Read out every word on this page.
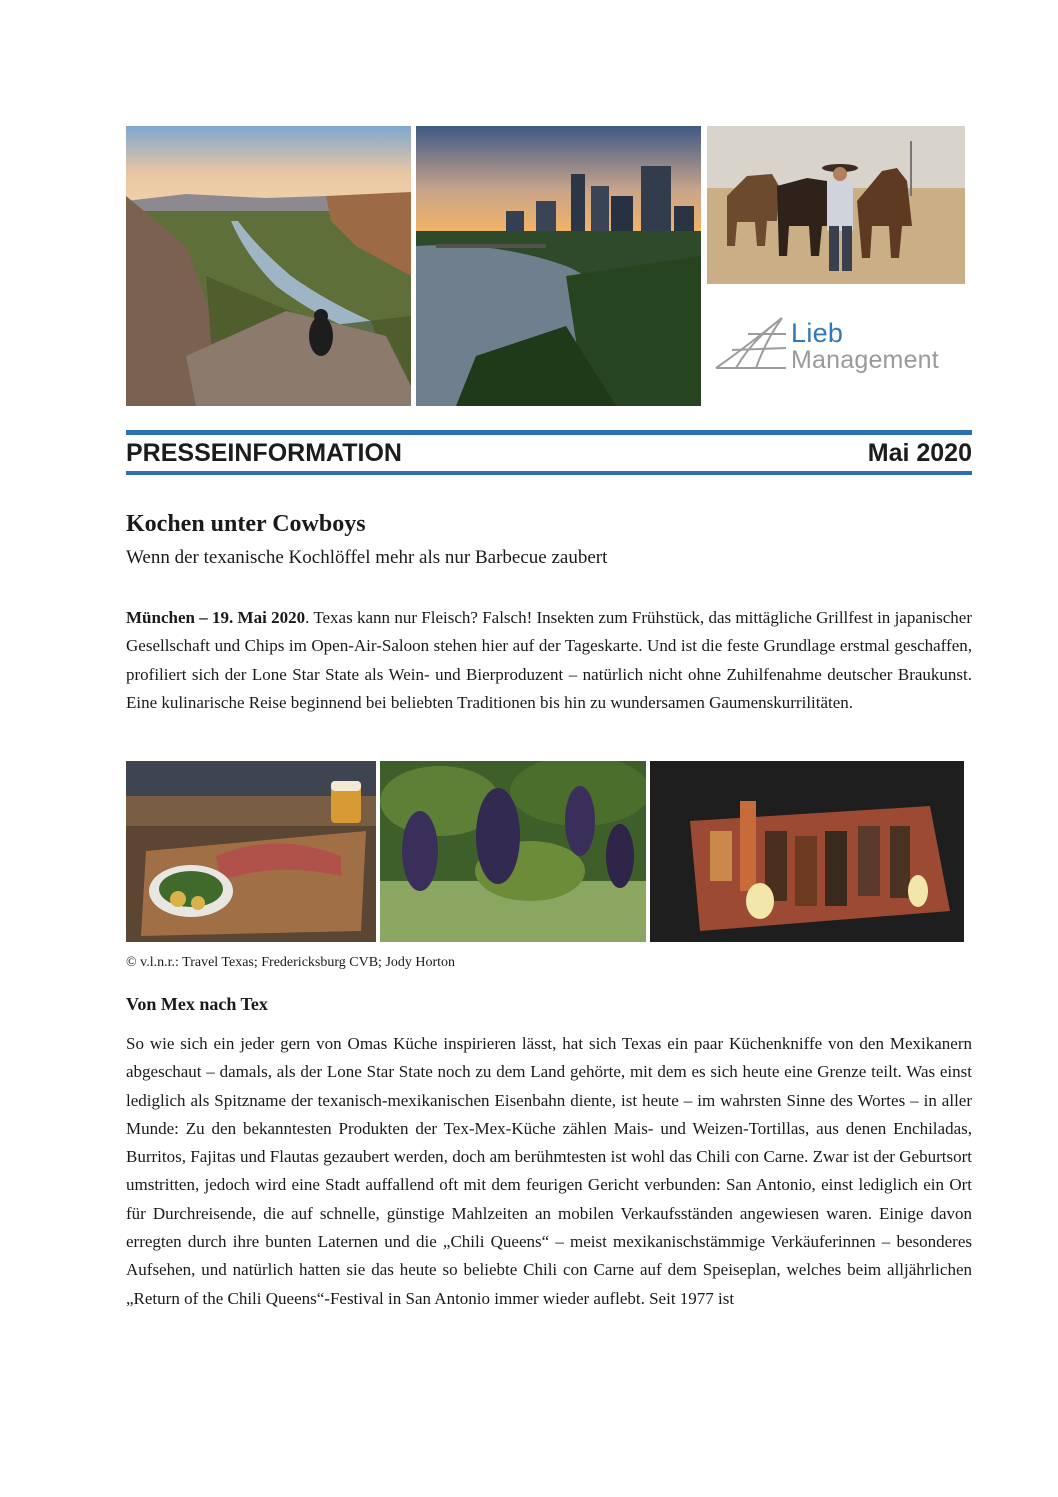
Lieb
Management
PRESSEINFORMATION	Mai 2020
Kochen unter Cowboys
Wenn der texanische Kochlöffel mehr als nur Barbecue zaubert

München – 19. Mai 2020. Texas kann nur Fleisch? Falsch! Insekten zum Frühstück, das mittägliche Grillfest in japanischer Gesellschaft und Chips im Open-Air-Saloon stehen hier auf der Tageskarte. Und ist die feste Grundlage erstmal geschaffen, profiliert sich der Lone Star State als Wein- und Bierproduzent – natürlich nicht ohne Zuhilfenahme deutscher Braukunst. Eine kulinarische Reise beginnend bei beliebten Traditionen bis hin zu wundersamen Gaumenskurrilitäten.

© v.l.n.r.: Travel Texas; Fredericksburg CVB; Jody Horton
Von Mex nach Tex

So wie sich ein jeder gern von Omas Küche inspirieren lässt, hat sich Texas ein paar Küchenkniffe von den Mexikanern abgeschaut – damals, als der Lone Star State noch zu dem Land gehörte, mit dem es sich heute eine Grenze teilt. Was einst lediglich als Spitzname der texanisch-mexikanischen Eisenbahn diente, ist heute – im wahrsten Sinne des Wortes – in aller Munde: Zu den bekanntesten Produkten der Tex-Mex-Küche zählen Mais- und Weizen-Tortillas, aus denen Enchiladas, Burritos, Fajitas und Flautas gezaubert werden, doch am berühmtesten ist wohl das Chili con Carne. Zwar ist der Geburtsort umstritten, jedoch wird eine Stadt auffallend oft mit dem feurigen Gericht verbunden: San Antonio, einst lediglich ein Ort für Durchreisende, die auf schnelle, günstige Mahlzeiten an mobilen Verkaufsständen angewiesen waren. Einige davon erregten durch ihre bunten Laternen und die „Chili Queens“ – meist mexikanischstämmige Verkäuferinnen – besonderes Aufsehen, und natürlich hatten sie das heute so beliebte Chili con Carne auf dem Speiseplan, welches beim alljährlichen „Return of the Chili Queens“-Festival in San Antonio immer wieder auflebt. Seit 1977 ist
